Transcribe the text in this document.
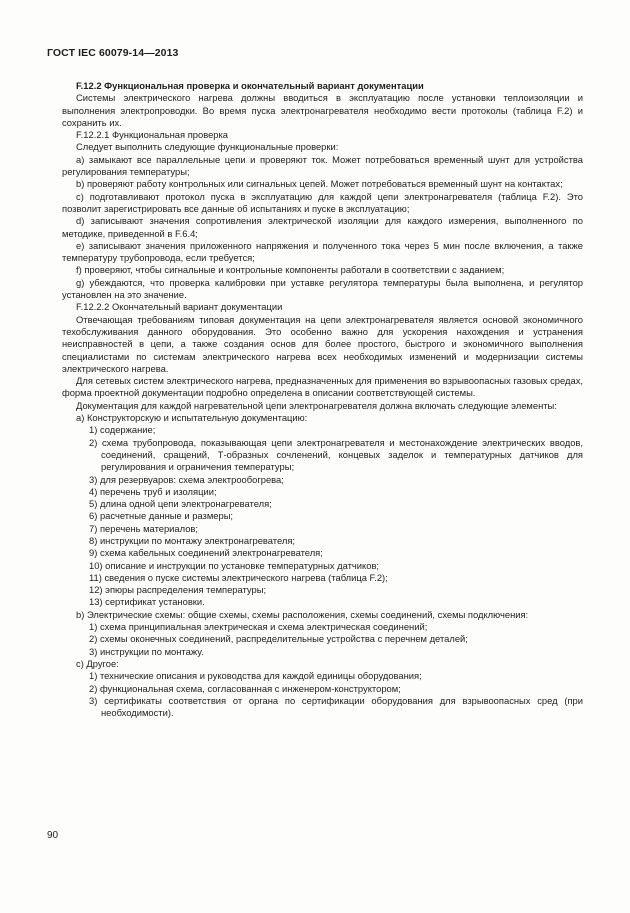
ГОСТ IEC 60079-14—2013

F.12.2 Функциональная проверка и окончательный вариант документации

Системы электрического нагрева должны вводиться в эксплуатацию после установки теплоизоляции и выполнения электропроводки. Во время пуска электронагревателя необходимо вести протоколы (таблица F.2) и сохранить их.

F.12.2.1 Функциональная проверка

Следует выполнить следующие функциональные проверки:

a) замыкают все параллельные цепи и проверяют ток. Может потребоваться временный шунт для устройства регулирования температуры;

b) проверяют работу контрольных или сигнальных цепей. Может потребоваться временный шунт на контактах;

c) подготавливают протокол пуска в эксплуатацию для каждой цепи электронагревателя (таблица F.2). Это позволит зарегистрировать все данные об испытаниях и пуске в эксплуатацию;

d) записывают значения сопротивления электрической изоляции для каждого измерения, выполненного по методике, приведенной в F.6.4;

e) записывают значения приложенного напряжения и полученного тока через 5 мин после включения, а также температуру трубопровода, если требуется;

f) проверяют, чтобы сигнальные и контрольные компоненты работали в соответствии с заданием;

g) убеждаются, что проверка калибровки при уставке регулятора температуры была выполнена, и регулятор установлен на это значение.

F.12.2.2 Окончательный вариант документации

Отвечающая требованиям типовая документация на цепи электронагревателя является основой экономичного техобслуживания данного оборудования. Это особенно важно для ускорения нахождения и устранения неисправностей в цепи, а также создания основ для более простого, быстрого и экономичного выполнения специалистами по системам электрического нагрева всех необходимых изменений и модернизации системы электрического нагрева.

Для сетевых систем электрического нагрева, предназначенных для применения во взрывоопасных газовых средах, форма проектной документации подробно определена в описании соответствующей системы.

Документация для каждой нагревательной цепи электронагревателя должна включать следующие элементы:

a) Конструкторскую и испытательную документацию:

1) содержание;

2) схема трубопровода, показывающая цепи электронагревателя и местонахождение электрических вводов, соединений, сращений, Т-образных сочленений, концевых заделок и температурных датчиков для регулирования и ограничения температуры;

3) для резервуаров: схема электрообогрева;

4) перечень труб и изоляции;

5) длина одной цепи электронагревателя;

6) расчетные данные и размеры;

7) перечень материалов;

8) инструкции по монтажу электронагревателя;

9) схема кабельных соединений электронагревателя;

10) описание и инструкции по установке температурных датчиков;

11) сведения о пуске системы электрического нагрева (таблица F.2);

12) эпюры распределения температуры;

13) сертификат установки.

b) Электрические схемы: общие схемы, схемы расположения, схемы соединений, схемы подключения:

1) схема принципиальная электрическая и схема электрическая соединений;

2) схемы оконечных соединений, распределительные устройства с перечнем деталей;

3) инструкции по монтажу.

c) Другое:

1) технические описания и руководства для каждой единицы оборудования;

2) функциональная схема, согласованная с инженером-конструктором;

3) сертификаты соответствия от органа по сертификации оборудования для взрывоопасных сред (при необходимости).

90
